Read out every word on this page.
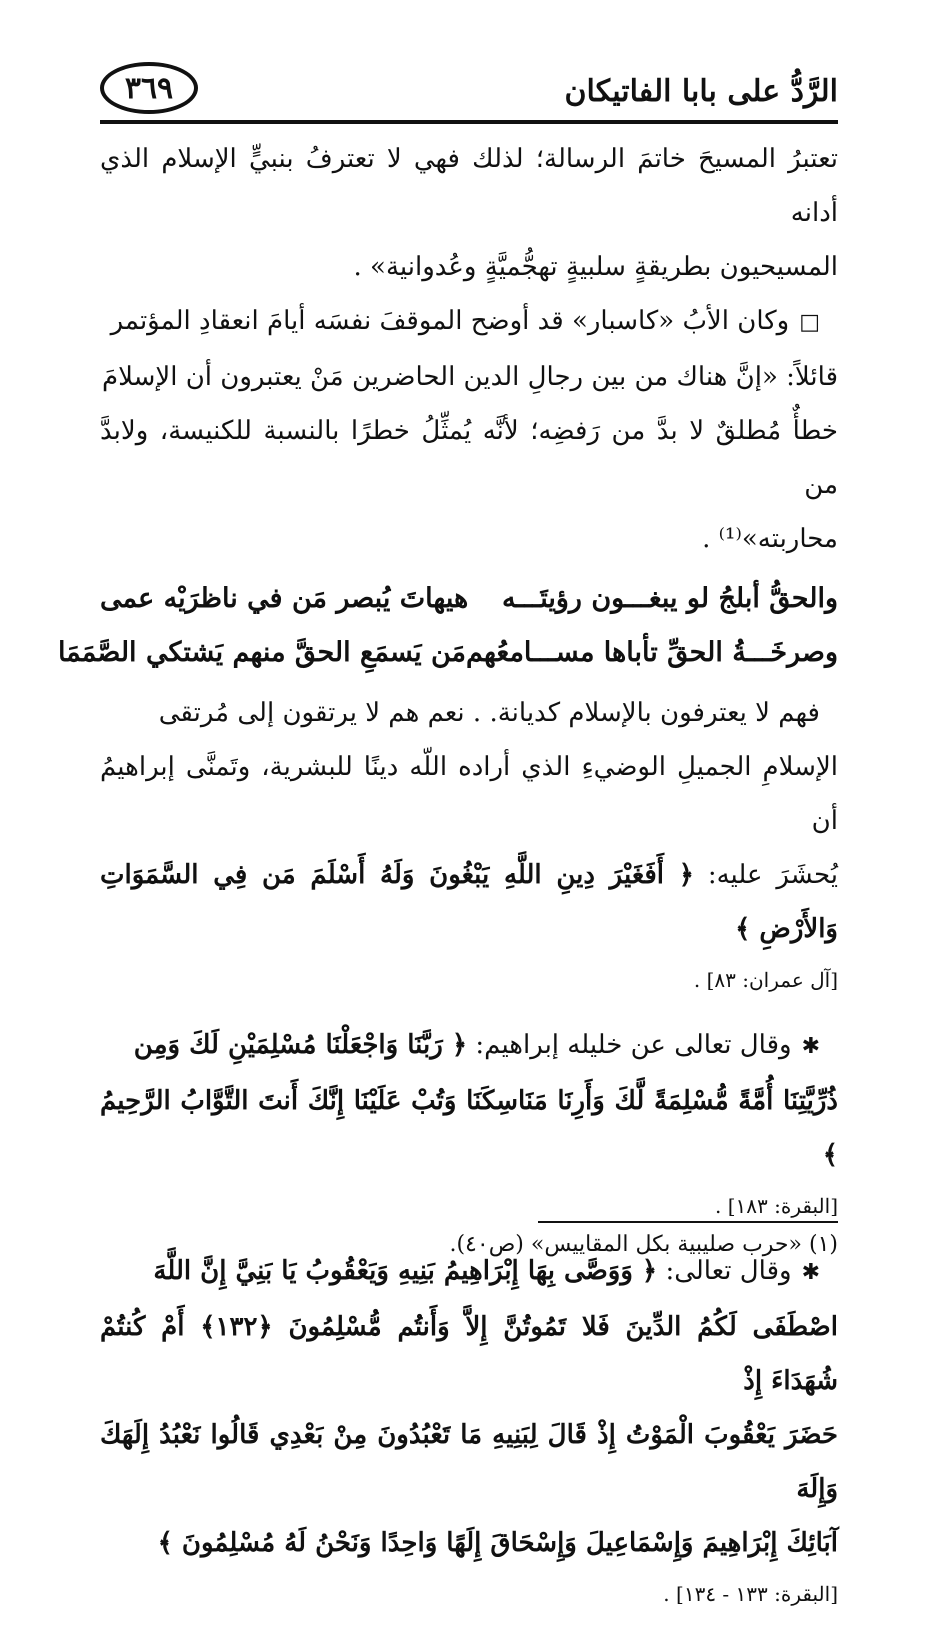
الرَّدُّ على بابا الفاتيكان
٣٦٩

تعتبرُ المسيحَ خاتمَ الرسالة؛ لذلك فهي لا تعترفُ بنبيٍّ الإسلام الذي أدانه

المسيحيون بطريقةٍ سلبيةٍ تهجُّميَّةٍ وعُدوانية» .

□وكان الأبُ «كاسبار» قد أوضح الموقفَ نفسَه أيامَ انعقادِ المؤتمر

قائلاً: «إنَّ هناك من بين رجالِ الدين الحاضرين مَنْ يعتبرون أن الإسلامَ

خطأٌ مُطلقٌ لا بدَّ من رَفضِه؛ لأنَّه يُمثِّلُ خطرًا بالنسبة للكنيسة، ولابدَّ من

محاربته»⁽¹⁾ .

والحقُّ أبلجُ لو يبغـــون رؤيتَـــه
هيهاتَ يُبصر مَن في ناظرَيْه عمى
وصرخَـــةُ الحقِّ تأباها مســـامعُهم
مَن يَسمَعِ الحقَّ منهم يَشتكي الصَّمَمَا

فهم لا يعترفون بالإسلام كديانة. . نعم هم لا يرتقون إلى مُرتقى

الإسلامِ الجميلِ الوضيءِ الذي أراده اللّه دينًا للبشرية، وتَمنَّى إبراهيمُ أن

يُحشَرَ عليه: ﴿ أَفَغَيْرَ دِينِ اللَّهِ يَبْغُونَ وَلَهُ أَسْلَمَ مَن فِي السَّمَوَاتِ وَالأَرْضِ ﴾

[آل عمران: ٨٣] .

✱وقال تعالى عن خليله إبراهيم: ﴿ رَبَّنَا وَاجْعَلْنَا مُسْلِمَيْنِ لَكَ وَمِن

ذُرِّيَّتِنَا أُمَّةً مُّسْلِمَةً لَّكَ وَأَرِنَا مَنَاسِكَنَا وَتُبْ عَلَيْنَا إِنَّكَ أَنتَ التَّوَّابُ الرَّحِيمُ ﴾

[البقرة: ١٨٣] .

✱وقال تعالى: ﴿ وَوَصَّى بِهَا إِبْرَاهِيمُ بَنِيهِ وَيَعْقُوبُ يَا بَنِيَّ إِنَّ اللَّهَ

اصْطَفَى لَكُمُ الدِّينَ فَلا تَمُوتُنَّ إِلاَّ وَأَنتُم مُّسْلِمُونَ ﴿١٣٢﴾ أَمْ كُنتُمْ شُهَدَاءَ إِذْ

حَضَرَ يَعْقُوبَ الْمَوْتُ إِذْ قَالَ لِبَنِيهِ مَا تَعْبُدُونَ مِنْ بَعْدِي قَالُوا نَعْبُدُ إِلَهَكَ وَإِلَهَ

آبَائِكَ إِبْرَاهِيمَ وَإِسْمَاعِيلَ وَإِسْحَاقَ إِلَهًا وَاحِدًا وَنَحْنُ لَهُ مُسْلِمُونَ ﴾

[البقرة: ١٣٣ - ١٣٤] .

(١) «حرب صليبية بكل المقاييس» (ص٤٠).
